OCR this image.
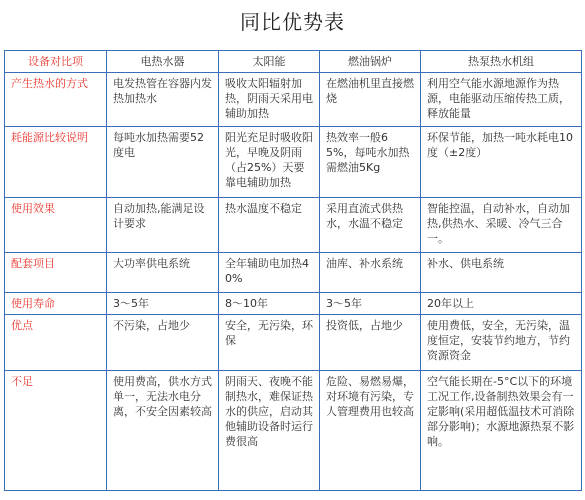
同比优势表
设备对比项	电热水器	太阳能	燃油锅炉	热泵热水机组
产生热水的方式	电发热管在容器内发热加热水	吸收太阳辐射加热，阴雨天采用电辅助加热	在燃油机里直接燃烧	利用空气能水源地源作为热源，电能驱动压缩传热工质，释放能量
耗能源比较说明	每吨水加热需要52度电	阳光充足时吸收阳光，早晚及阴雨（占25%）天要靠电辅助加热	热效率一般65%，每吨水加热需燃油5Kg	环保节能，加热一吨水耗电10度（±2度）
使用效果	自动加热,能满足设计要求	热水温度不稳定	采用直流式供热水，水温不稳定	智能控温，自动补水，自动加热,供热水、采暖、冷气三合一。
配套项目	大功率供电系统	全年辅助电加热40%	油库、补水系统	补水、供电系统
使用寿命	3～5年	8～10年	3～5年	20年以上
优点	不污染，占地少	安全，无污染，环保	投资低，占地少	使用费低，安全，无污染，温度恒定，安装节约地方，节约资源资金
不足	使用费高，供水方式单一，无法水电分离，不安全因素较高	阴雨天、夜晚不能制热水，难保证热水的供应，启动其他辅助设备时运行费很高	危险、易燃易爆，对环境有污染，专人管理费用也较高	空气能长期在-5°C以下的环境工况工作,设备制热效果会有一定影响(采用超低温技术可消除部分影响)；水源地源热泵不影响。
